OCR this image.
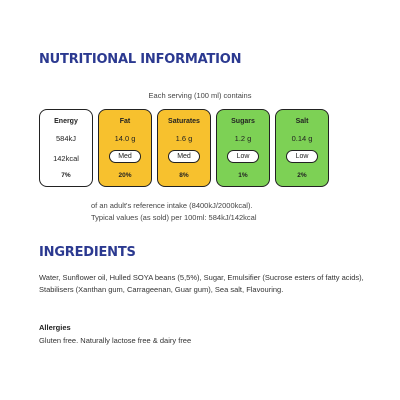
NUTRITIONAL INFORMATION
Each serving (100 ml) contains
Energy
584kJ
142kcal
7%
Fat
14.0 g
Med
20%
Saturates
1.6 g
Med
8%
Sugars
1.2 g
Low
1%
Salt
0.14 g
Low
2%
of an adult's reference intake (8400kJ/2000kcal).
Typical values (as sold) per 100ml: 584kJ/142kcal
INGREDIENTS

Water, Sunflower oil, Hulled SOYA beans (5,5%), Sugar, Emulsifier (Sucrose esters of fatty acids), Stabilisers (Xanthan gum, Carrageenan, Guar gum), Sea salt, Flavouring.

Allergies
Gluten free. Naturally lactose free & dairy free
